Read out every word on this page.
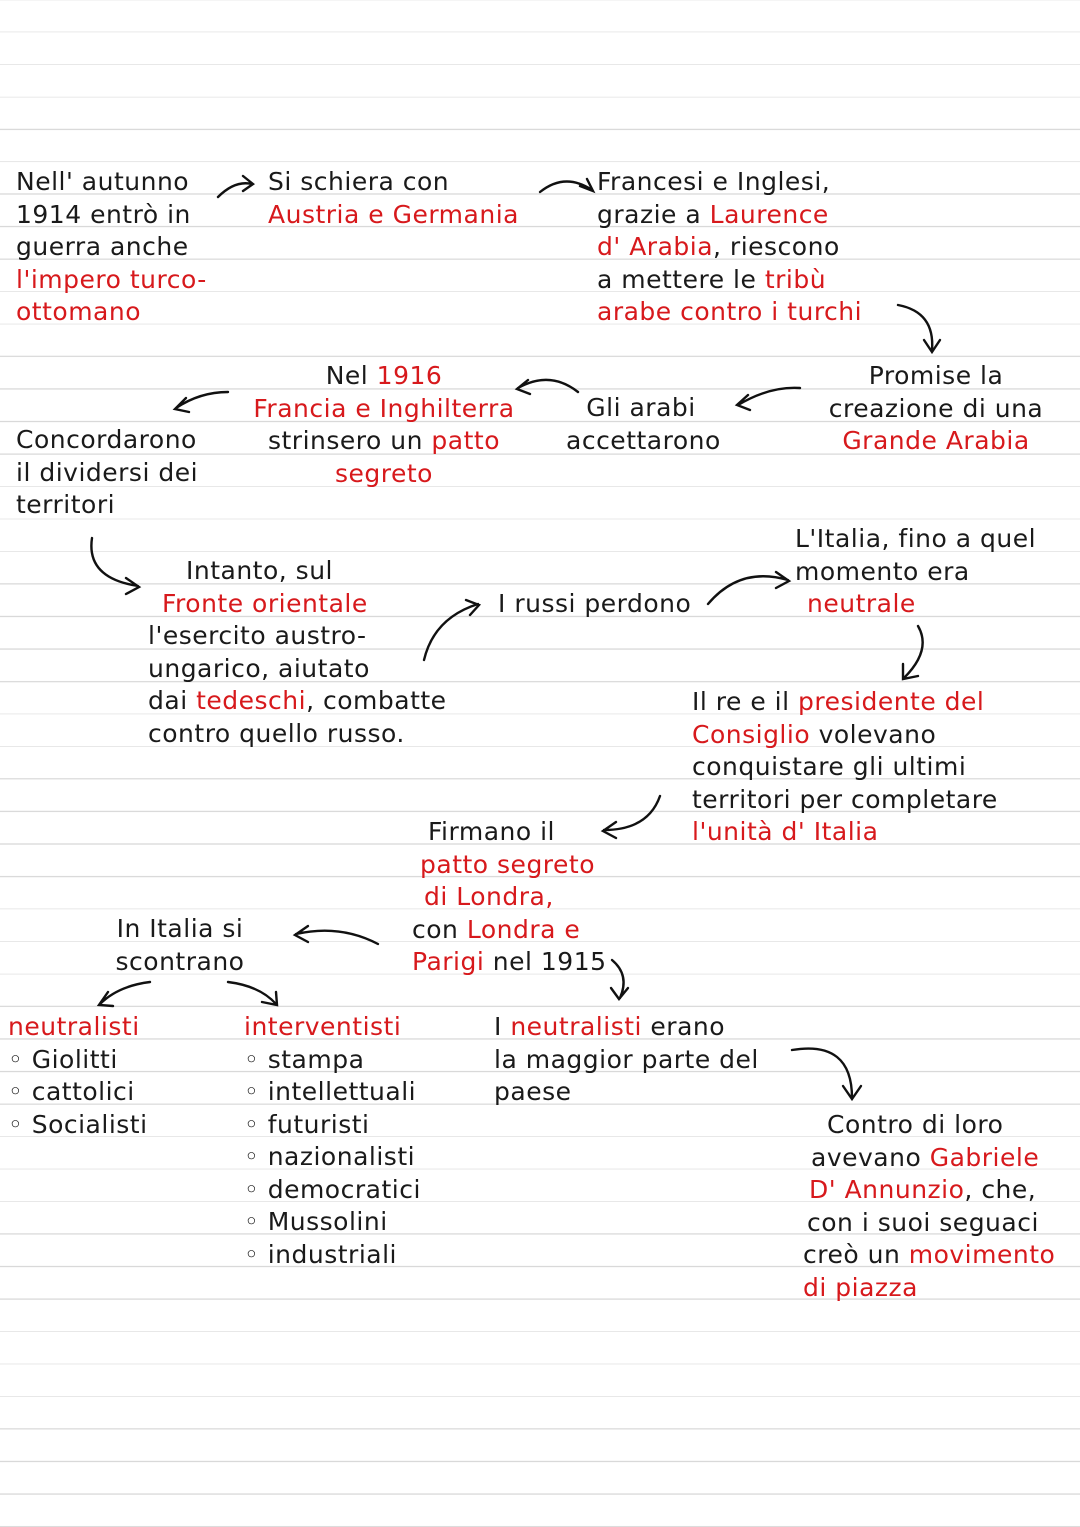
Nell' autunno
1914 entrò in
guerra anche
l'impero turco-
ottomano
Si schiera con
Austria e Germania
Francesi e Inglesi,
grazie a Laurence
d' Arabia, riescono
a mettere le tribù
arabe contro i turchi
Promise la
creazione di una
Grande Arabia
Gli arabi
accettarono
Nel 1916
Francia e Inghilterra
strinsero un patto
segreto
Concordarono
il dividersi dei
territori
Intanto, sul
Fronte orientale
l'esercito austro-
ungarico, aiutato
dai tedeschi, combatte
contro quello russo.
I russi perdono
L'Italia, fino a quel
momento era
neutrale
Il re e il presidente del
Consiglio volevano
conquistare gli ultimi
territori per completare
l'unità d' Italia
Firmano il
patto segreto
di Londra,
con Londra e
Parigi nel 1915
In Italia si
scontrano
neutralisti
◦ Giolitti
◦ cattolici
◦ Socialisti
interventisti
◦ stampa
◦ intellettuali
◦ futuristi
◦ nazionalisti
◦ democratici
◦ Mussolini
◦ industriali
I neutralisti erano
la maggior parte del
paese
Contro di loro
avevano Gabriele
D' Annunzio, che,
con i suoi seguaci
creò un movimento
di piazza
